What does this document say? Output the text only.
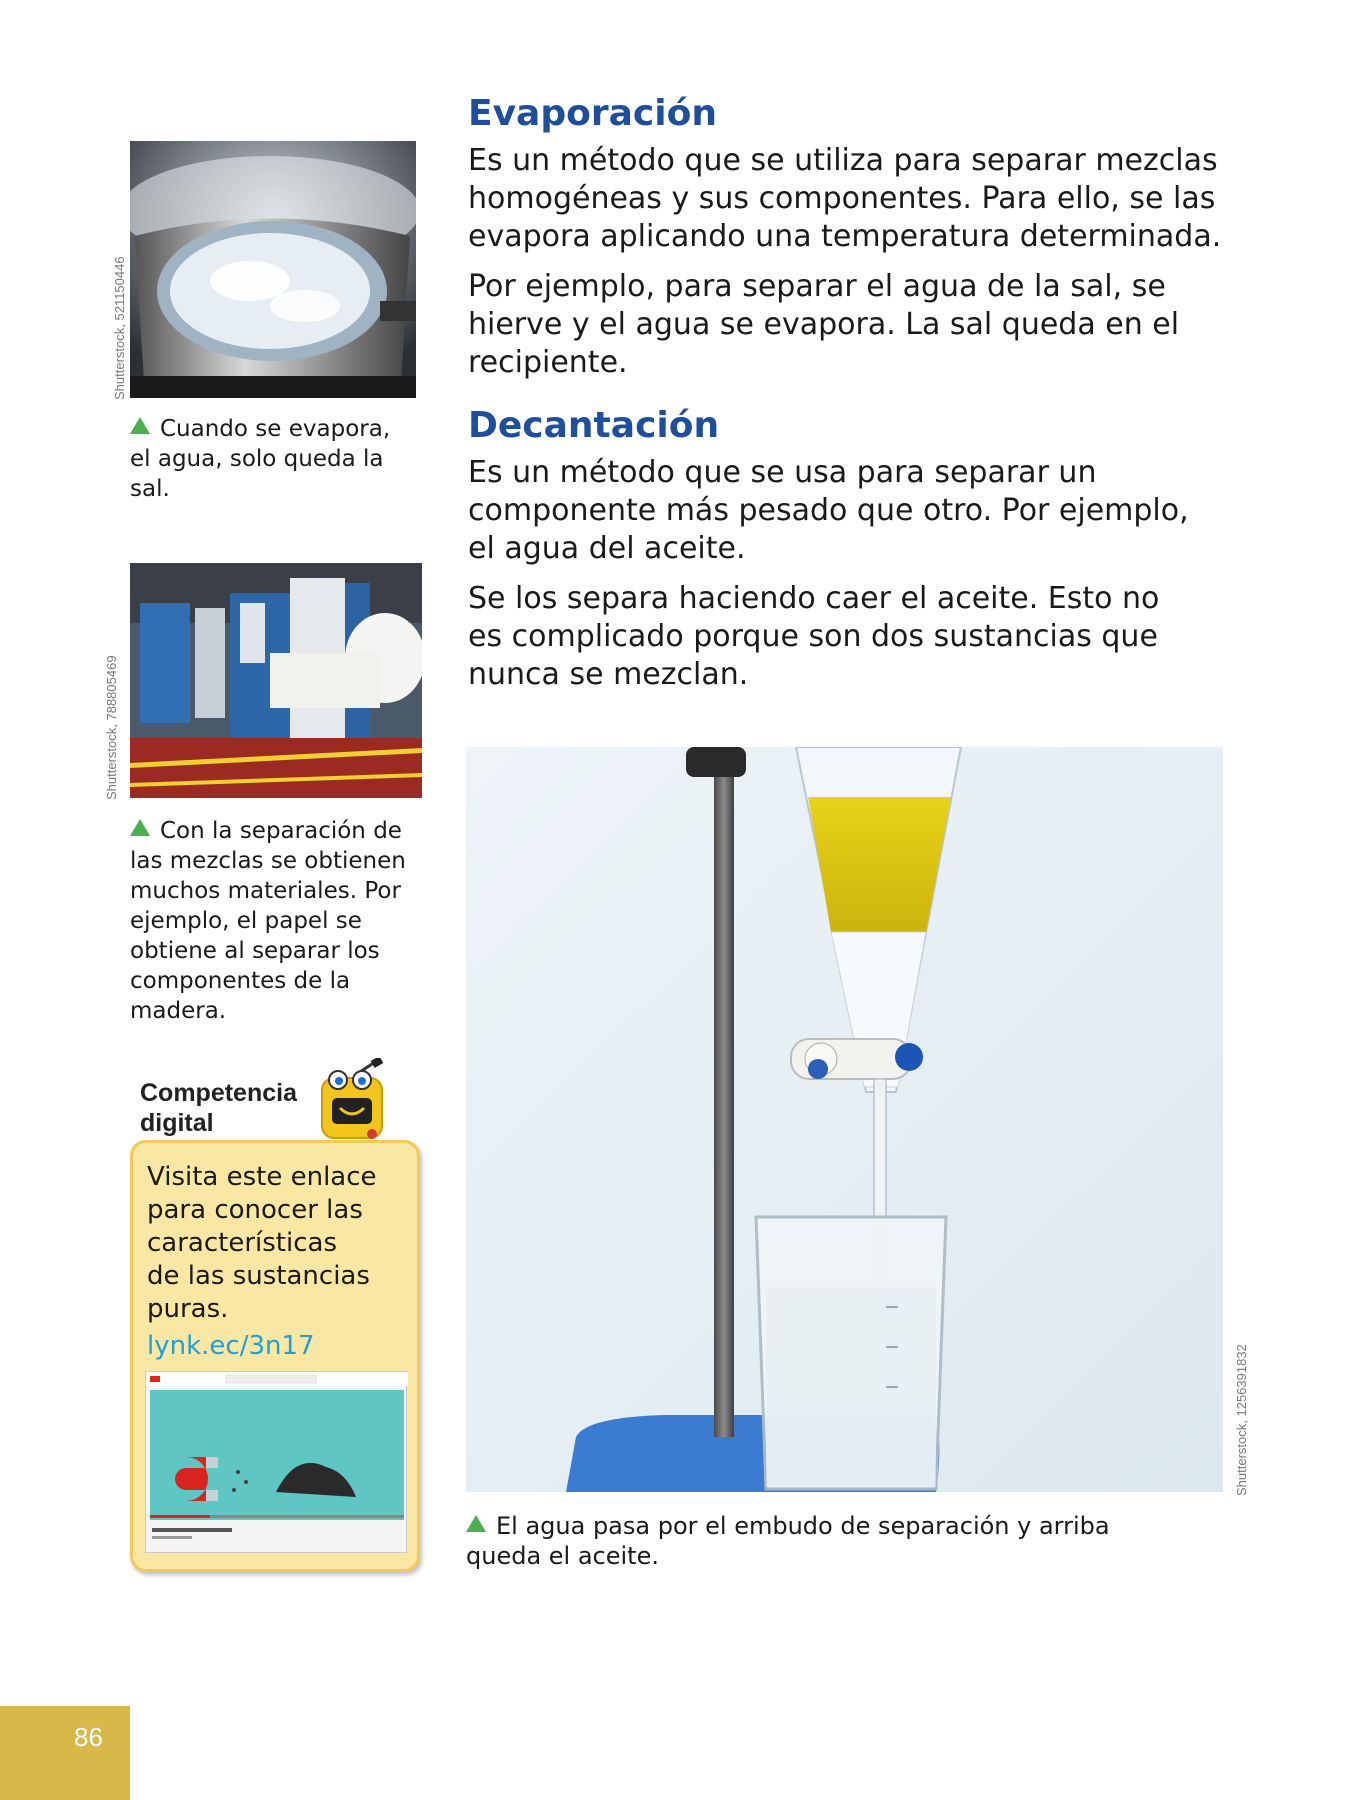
Shutterstock, 521150446
Cuando se evapora,
el agua, solo queda la
sal.
Shutterstock, 788805469
Con la separación de
las mezclas se obtienen
muchos materiales. Por
ejemplo, el papel se
obtiene al separar los
componentes de la
madera.
Competencia
digital
Visita este enlace
para conocer las
características
de las sustancias
puras.
lynk.ec/3n17
Evaporación
Es un método que se utiliza para separar mezclas
homogéneas y sus componentes. Para ello, se las
evapora aplicando una temperatura determinada.
Por ejemplo, para separar el agua de la sal, se
hierve y el agua se evapora. La sal queda en el
recipiente.
Decantación
Es un método que se usa para separar un
componente más pesado que otro. Por ejemplo,
el agua del aceite.
Se los separa haciendo caer el aceite. Esto no
es complicado porque son dos sustancias que
nunca se mezclan.
Shutterstock, 1256391832
El agua pasa por el embudo de separación y arriba
queda el aceite.
86
